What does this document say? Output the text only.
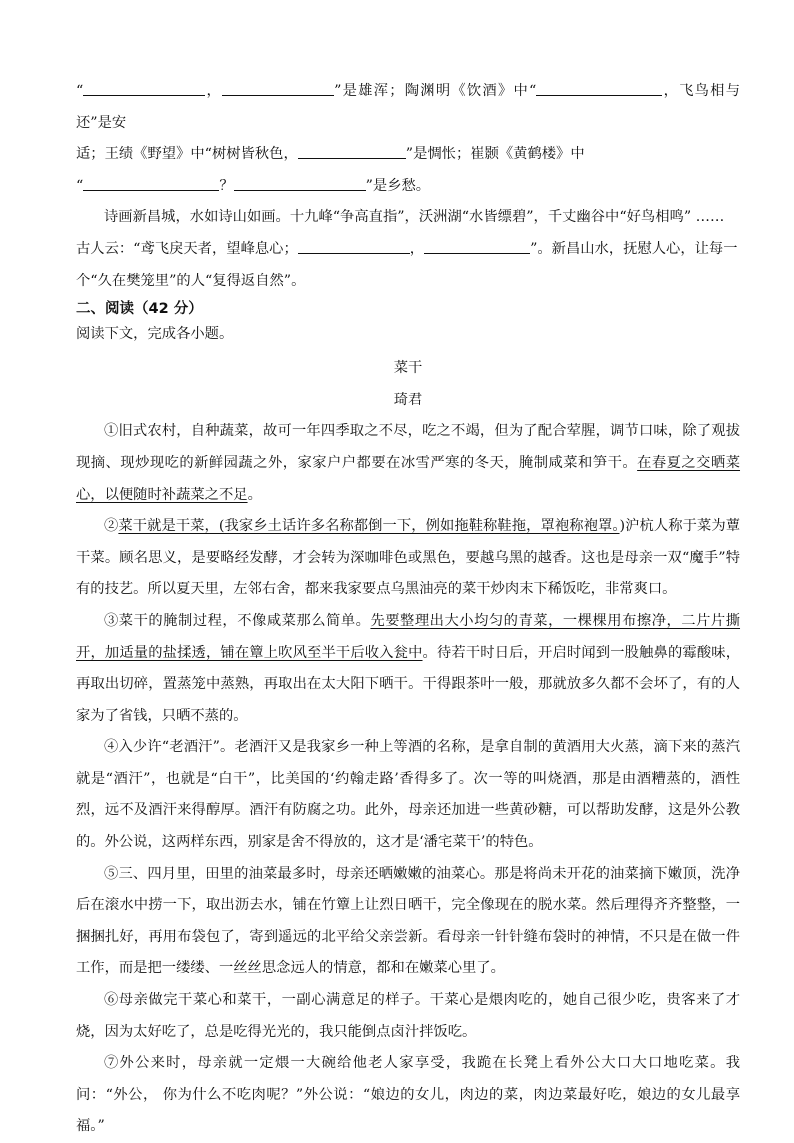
“	，	”是雄浑；陶渊明《饮酒》中“	，飞鸟相与还”是安

适；王绩《野望》中“树树皆秋色，	”是惆怅；崔颢《黄鹤楼》中

“	？	”是乡愁。

诗画新昌城，水如诗山如画。十九峰“争高直指”，沃洲湖“水皆缥碧”，千丈幽谷中“好鸟相鸣” ……
古人云：“鸢飞戾天者，望峰息心；	，	”。新昌山水，抚慰人心，让每一
个“久在樊笼里”的人“复得返自然”。

二、阅读（42 分）

阅读下文，完成各小题。

菜干

琦君

①旧式农村，自种蔬菜，故可一年四季取之不尽，吃之不竭，但为了配合荤腥，调节口味，除了观拔现摘、现炒现吃的新鲜园蔬之外，家家户户都要在冰雪严寒的冬天，腌制咸菜和笋干。在春夏之交晒菜心，以便随时补蔬菜之不足。

②菜干就是干菜，(我家乡土话许多名称都倒一下，例如拖鞋称鞋拖，罩袍称袍罩。)沪杭人称于菜为蕈干菜。顾名思义，是要略经发酵，才会转为深咖啡色或黑色，要越乌黑的越香。这也是母亲一双“魔手”特有的技艺。所以夏天里，左邻右舍，都来我家要点乌黑油亮的菜干炒肉末下稀饭吃，非常爽口。

③菜干的腌制过程，不像咸菜那么简单。先要整理出大小均匀的青菜，一棵棵用布擦净，二片片撕开，加适量的盐揉透，铺在簟上吹风至半干后收入瓮中。待若干时日后，开启时闻到一股触鼻的霉酸味，再取出切碎，置蒸笼中蒸熟，再取出在太大阳下晒干。干得跟茶叶一般，那就放多久都不会坏了，有的人家为了省钱，只晒不蒸的。

④入少许“老酒汗”。老酒汗又是我家乡一种上等酒的名称，是拿自制的黄酒用大火蒸，滴下来的蒸汽就是“酒汗”，也就是“白干”，比美国的‘约翰走路’香得多了。次一等的叫烧酒，那是由酒糟蒸的，酒性烈，远不及酒汗来得醇厚。酒汗有防腐之功。此外，母亲还加进一些黄砂糖，可以帮助发酵，这是外公教的。外公说，这两样东西，别家是舍不得放的，这才是‘潘宅菜干’的特色。

⑤三、四月里，田里的油菜最多时，母亲还晒嫩嫩的油菜心。那是将尚未开花的油菜摘下嫩顶，洗净后在滚水中捞一下，取出沥去水，铺在竹簟上让烈日晒干，完全像现在的脱水菜。然后理得齐齐整整，一捆捆扎好，再用布袋包了，寄到遥远的北平给父亲尝新。看母亲一针针缝布袋时的神情，不只是在做一件工作，而是把一缕缕、一丝丝思念远人的情意，都和在嫩菜心里了。

⑥母亲做完干菜心和菜干，一副心满意足的样子。干菜心是煨肉吃的，她自己很少吃，贵客来了才烧，因为太好吃了，总是吃得光光的，我只能倒点卤汁拌饭吃。

⑦外公来时，母亲就一定煨一大碗给他老人家享受，我跪在长凳上看外公大口大口地吃菜。我问：“外公， 你为什么不吃肉呢？”外公说：“娘边的女儿，肉边的菜，肉边菜最好吃，娘边的女儿最享福。”
